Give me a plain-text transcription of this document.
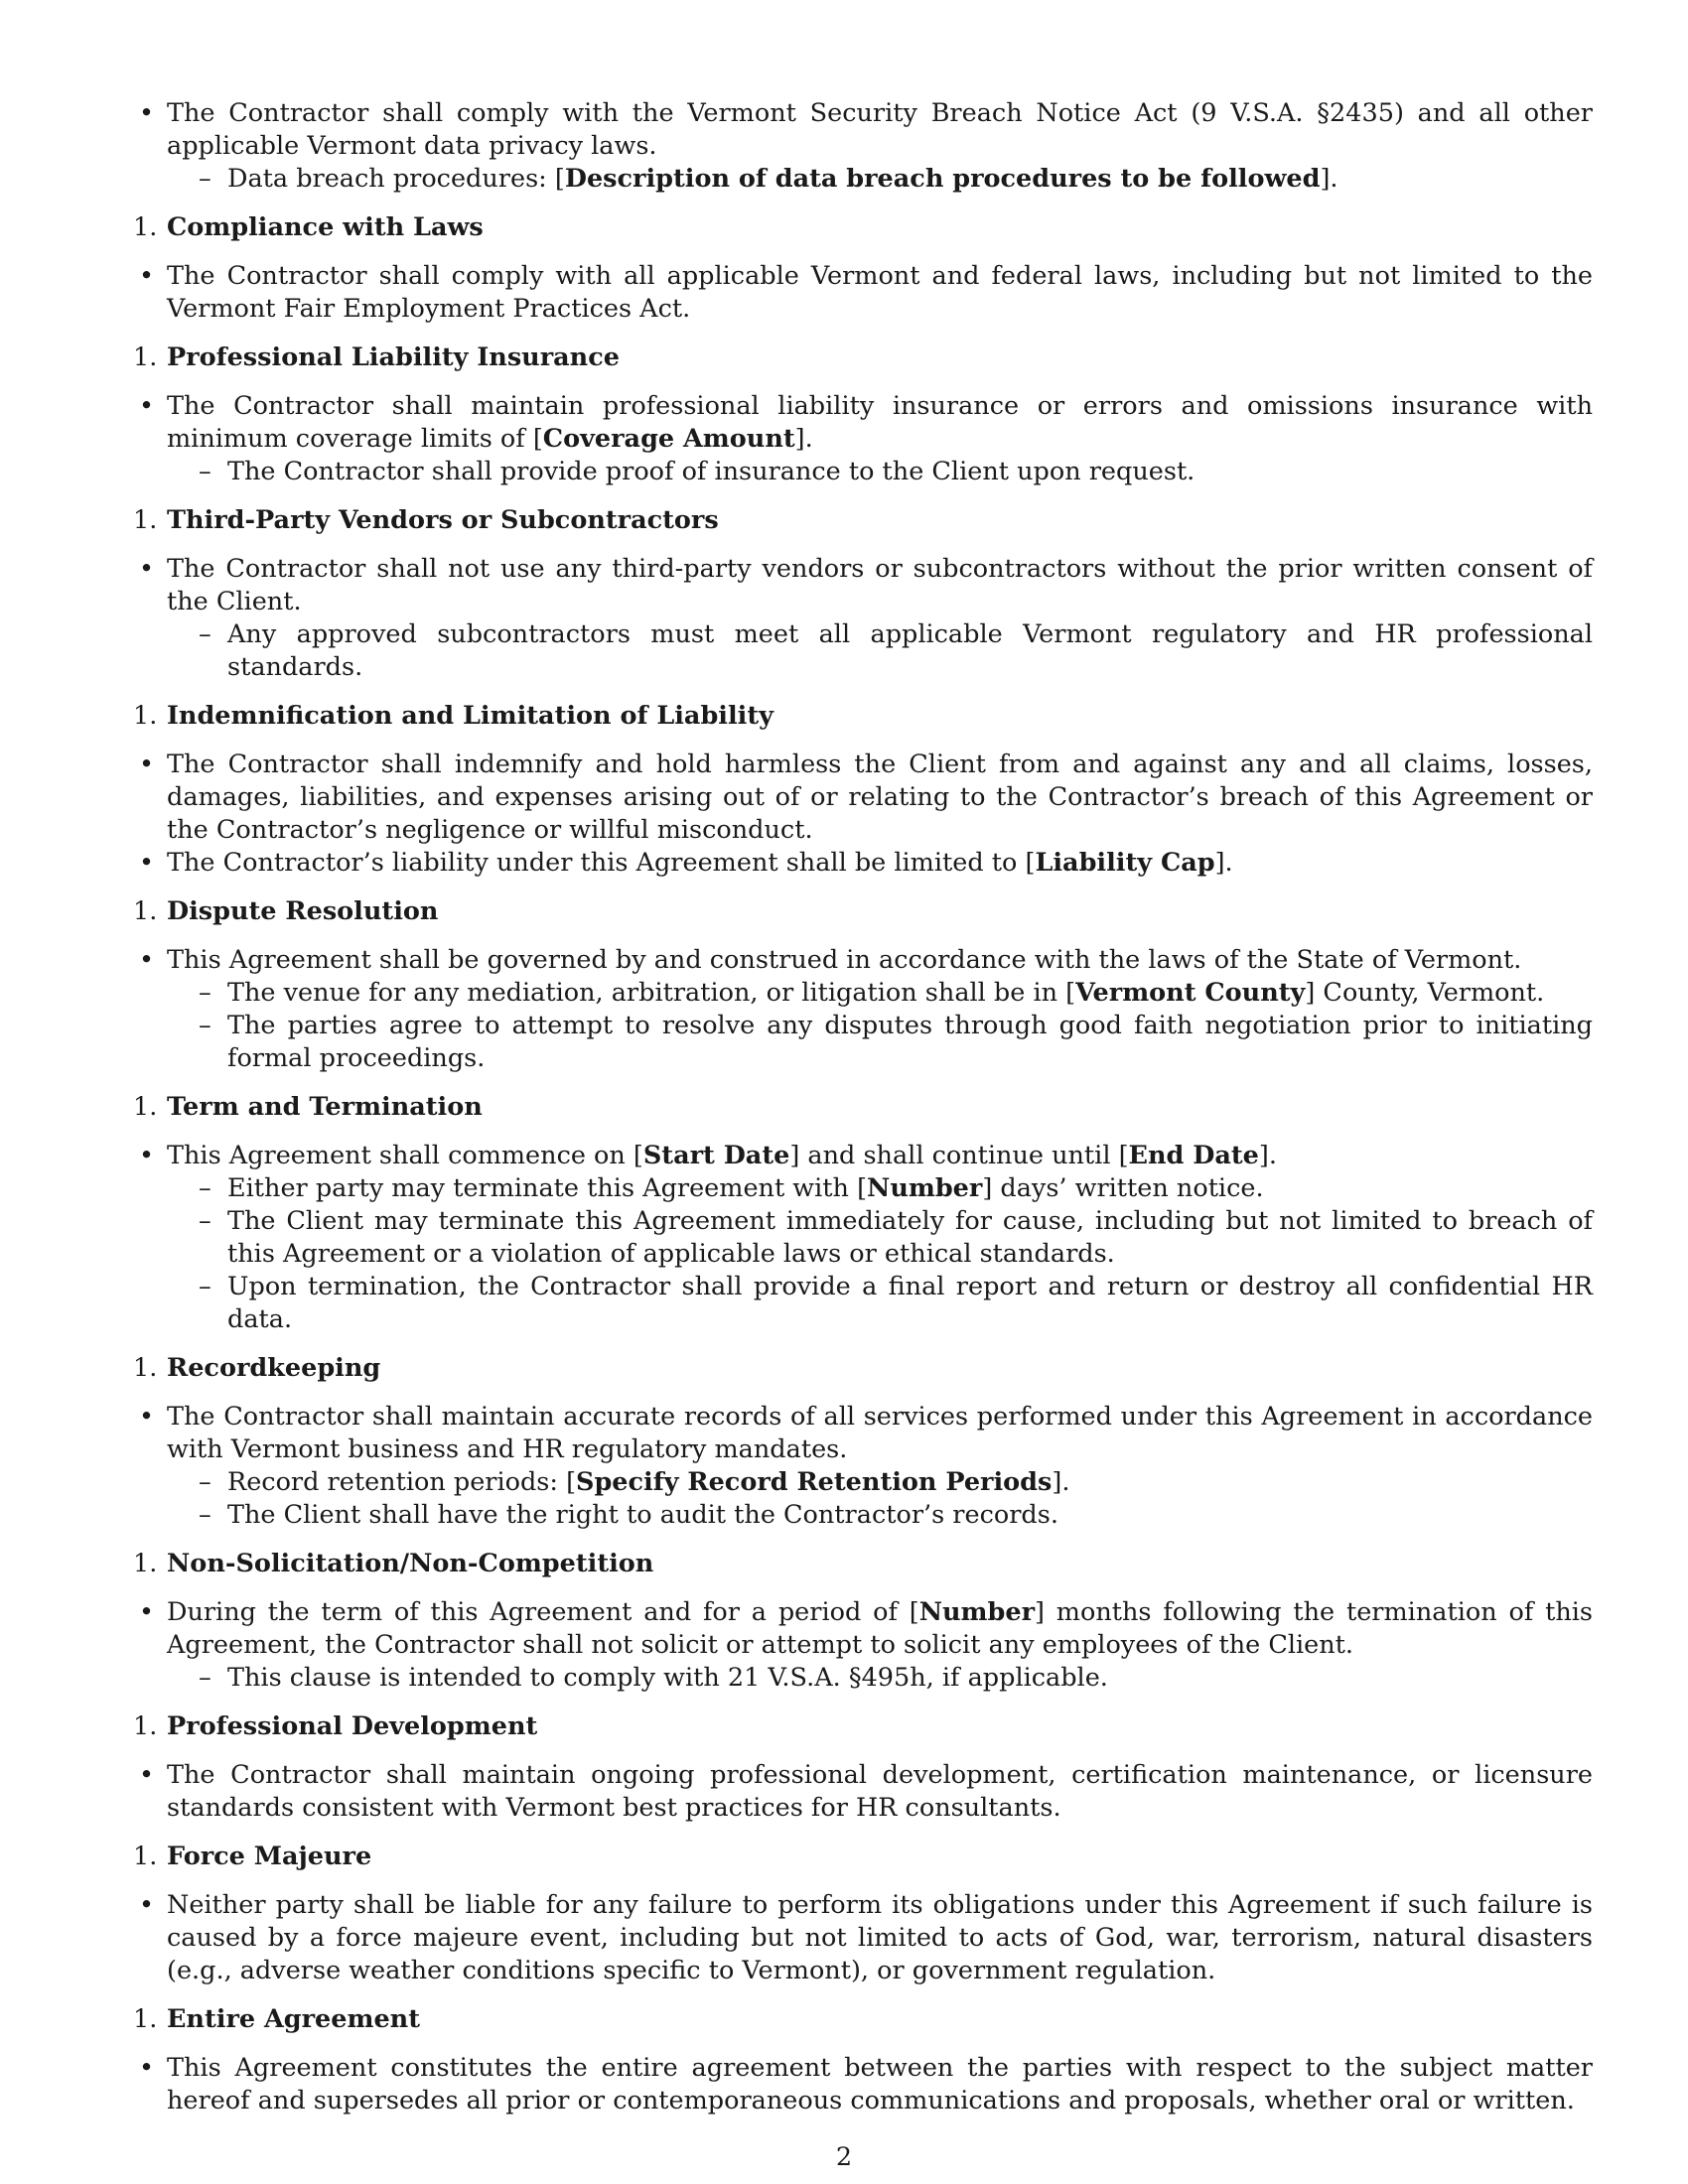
• The Contractor shall comply with the Vermont Security Breach Notice Act (9 V.S.A. §2435) and all other applicable Vermont data privacy laws.

– Data breach procedures: [Description of data breach procedures to be followed].

1. Compliance with Laws

• The Contractor shall comply with all applicable Vermont and federal laws, including but not limited to the Vermont Fair Employment Practices Act.

1. Professional Liability Insurance

• The Contractor shall maintain professional liability insurance or errors and omissions insurance with minimum coverage limits of [Coverage Amount].

– The Contractor shall provide proof of insurance to the Client upon request.

1. Third-Party Vendors or Subcontractors

• The Contractor shall not use any third-party vendors or subcontractors without the prior written consent of the Client.

– Any approved subcontractors must meet all applicable Vermont regulatory and HR professional standards.

1. Indemnification and Limitation of Liability

• The Contractor shall indemnify and hold harmless the Client from and against any and all claims, losses, damages, liabilities, and expenses arising out of or relating to the Contractor’s breach of this Agreement or the Contractor’s negligence or willful misconduct.

• The Contractor’s liability under this Agreement shall be limited to [Liability Cap].

1. Dispute Resolution

• This Agreement shall be governed by and construed in accordance with the laws of the State of Vermont.

– The venue for any mediation, arbitration, or litigation shall be in [Vermont County] County, Vermont.

– The parties agree to attempt to resolve any disputes through good faith negotiation prior to initiating formal proceedings.

1. Term and Termination

• This Agreement shall commence on [Start Date] and shall continue until [End Date].

– Either party may terminate this Agreement with [Number] days’ written notice.

– The Client may terminate this Agreement immediately for cause, including but not limited to breach of this Agreement or a violation of applicable laws or ethical standards.

– Upon termination, the Contractor shall provide a final report and return or destroy all confidential HR data.

1. Recordkeeping

• The Contractor shall maintain accurate records of all services performed under this Agreement in accordance with Vermont business and HR regulatory mandates.

– Record retention periods: [Specify Record Retention Periods].

– The Client shall have the right to audit the Contractor’s records.

1. Non-Solicitation/Non-Competition

• During the term of this Agreement and for a period of [Number] months following the termination of this Agreement, the Contractor shall not solicit or attempt to solicit any employees of the Client.

– This clause is intended to comply with 21 V.S.A. §495h, if applicable.

1. Professional Development

• The Contractor shall maintain ongoing professional development, certification maintenance, or licensure standards consistent with Vermont best practices for HR consultants.

1. Force Majeure

• Neither party shall be liable for any failure to perform its obligations under this Agreement if such failure is caused by a force majeure event, including but not limited to acts of God, war, terrorism, natural disasters (e.g., adverse weather conditions specific to Vermont), or government regulation.

1. Entire Agreement

• This Agreement constitutes the entire agreement between the parties with respect to the subject matter hereof and supersedes all prior or contemporaneous communications and proposals, whether oral or written.

2
